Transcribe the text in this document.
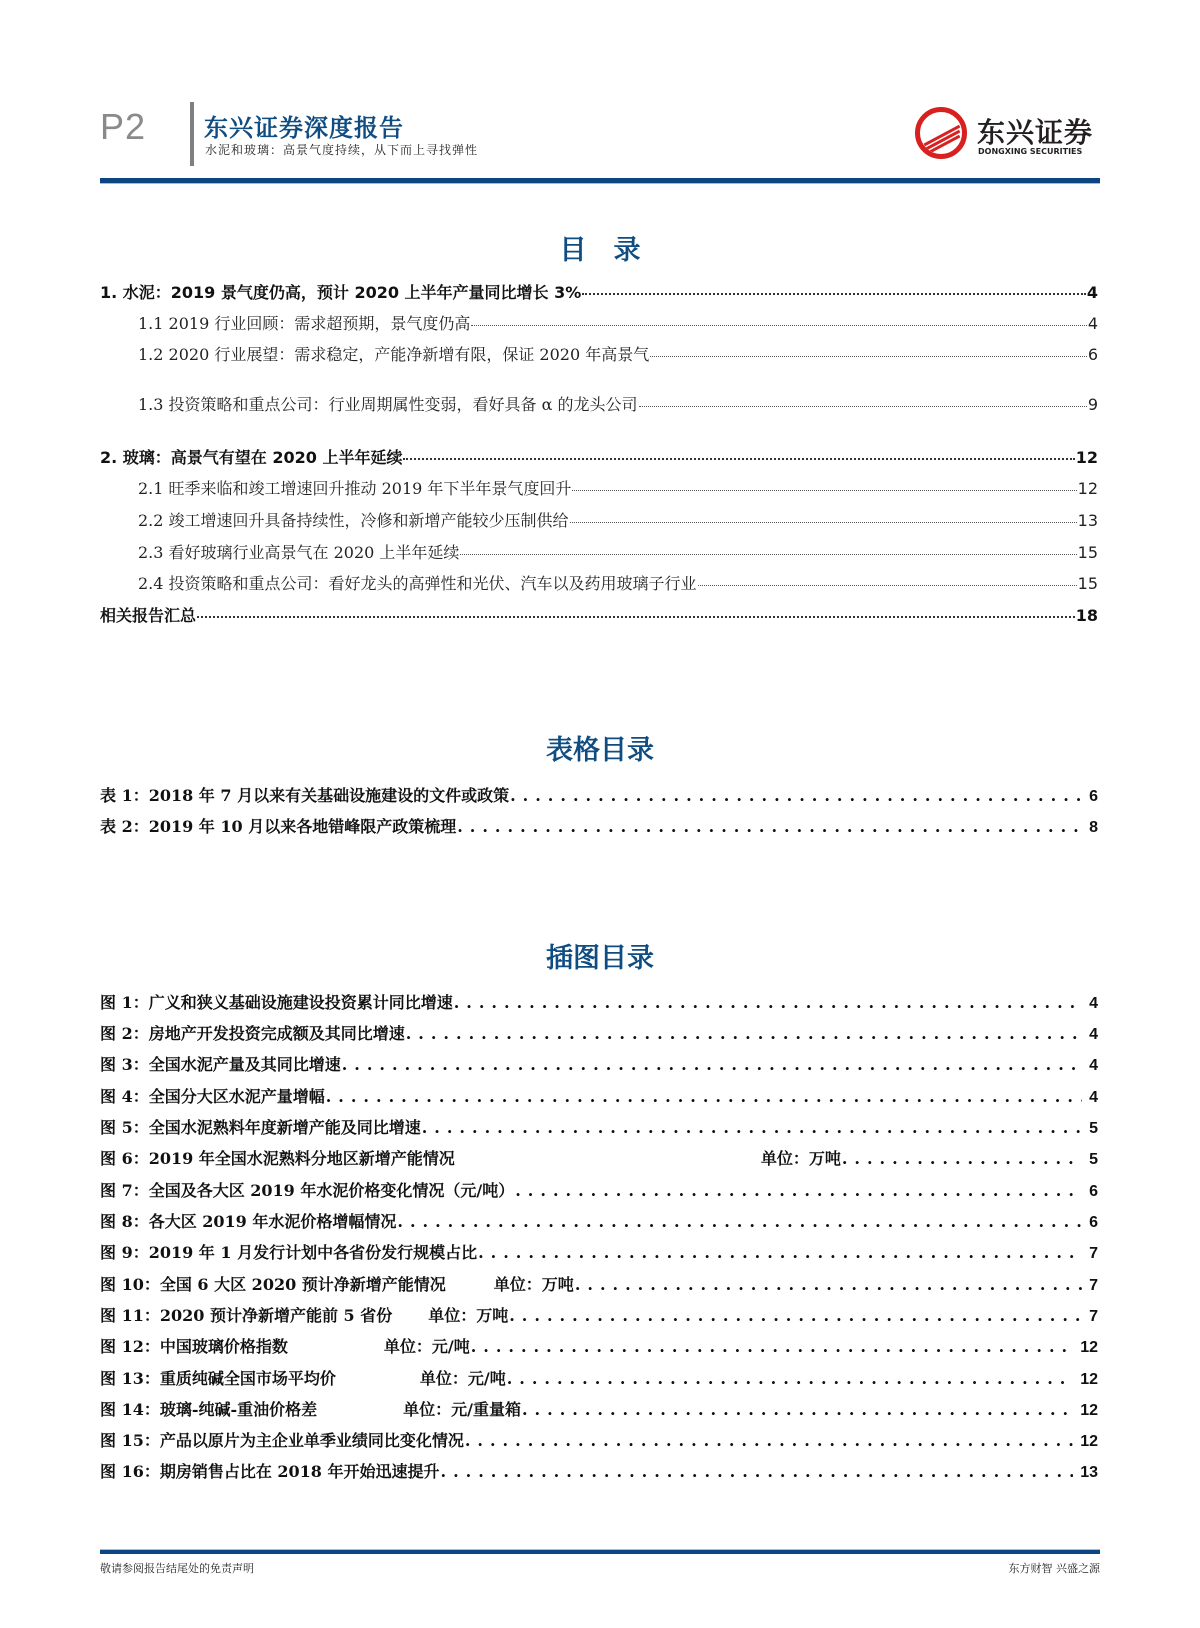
P2 东兴证券深度报告
水泥和玻璃：高景气度持续，从下而上寻找弹性
东兴证券
DONGXING SECURITIES
目　录
1. 水泥：2019 景气度仍高，预计 2020 上半年产量同比增长 3%	4
1.1 2019 行业回顾：需求超预期，景气度仍高	4
1.2 2020 行业展望：需求稳定，产能净新增有限，保证 2020 年高景气	6
1.3 投资策略和重点公司：行业周期属性变弱，看好具备 α 的龙头公司	9
2. 玻璃：高景气有望在 2020 上半年延续	12
2.1 旺季来临和竣工增速回升推动 2019 年下半年景气度回升	12
2.2 竣工增速回升具备持续性，冷修和新增产能较少压制供给	13
2.3 看好玻璃行业高景气在 2020 上半年延续	15
2.4 投资策略和重点公司：看好龙头的高弹性和光伏、汽车以及药用玻璃子行业	15
相关报告汇总	18
表格目录
表 1：2018 年 7 月以来有关基础设施建设的文件或政策 .....	6
表 2：2019 年 10 月以来各地错峰限产政策梳理 .....	8
插图目录
图 1：广义和狭义基础设施建设投资累计同比增速 .....	4
图 2：房地产开发投资完成额及其同比增速 .....	4
图 3：全国水泥产量及其同比增速 .....	4
图 4：全国分大区水泥产量增幅 .....	4
图 5：全国水泥熟料年度新增产能及同比增速 .....	5
图 6：2019 年全国水泥熟料分地区新增产能情况	单位：万吨 .....	5
图 7：全国及各大区 2019 年水泥价格变化情况（元/吨） .....	6
图 8：各大区 2019 年水泥价格增幅情况 .....	6
图 9：2019 年 1 月发行计划中各省份发行规模占比 .....	7
图 10：全国 6 大区 2020 预计净新增产能情况	单位：万吨 .....	7
图 11：2020 预计净新增产能前 5 省份 单位：万吨 .....	7
图 12：中国玻璃价格指数	单位：元/吨 .....	12
图 13：重质纯碱全国市场平均价	单位：元/吨 .....	12
图 14：玻璃-纯碱-重油价格差	单位：元/重量箱 .....	12
图 15：产品以原片为主企业单季业绩同比变化情况 .....	12
图 16：期房销售占比在 2018 年开始迅速提升 .....	13
敬请参阅报告结尾处的免责声明	东方财智 兴盛之源
